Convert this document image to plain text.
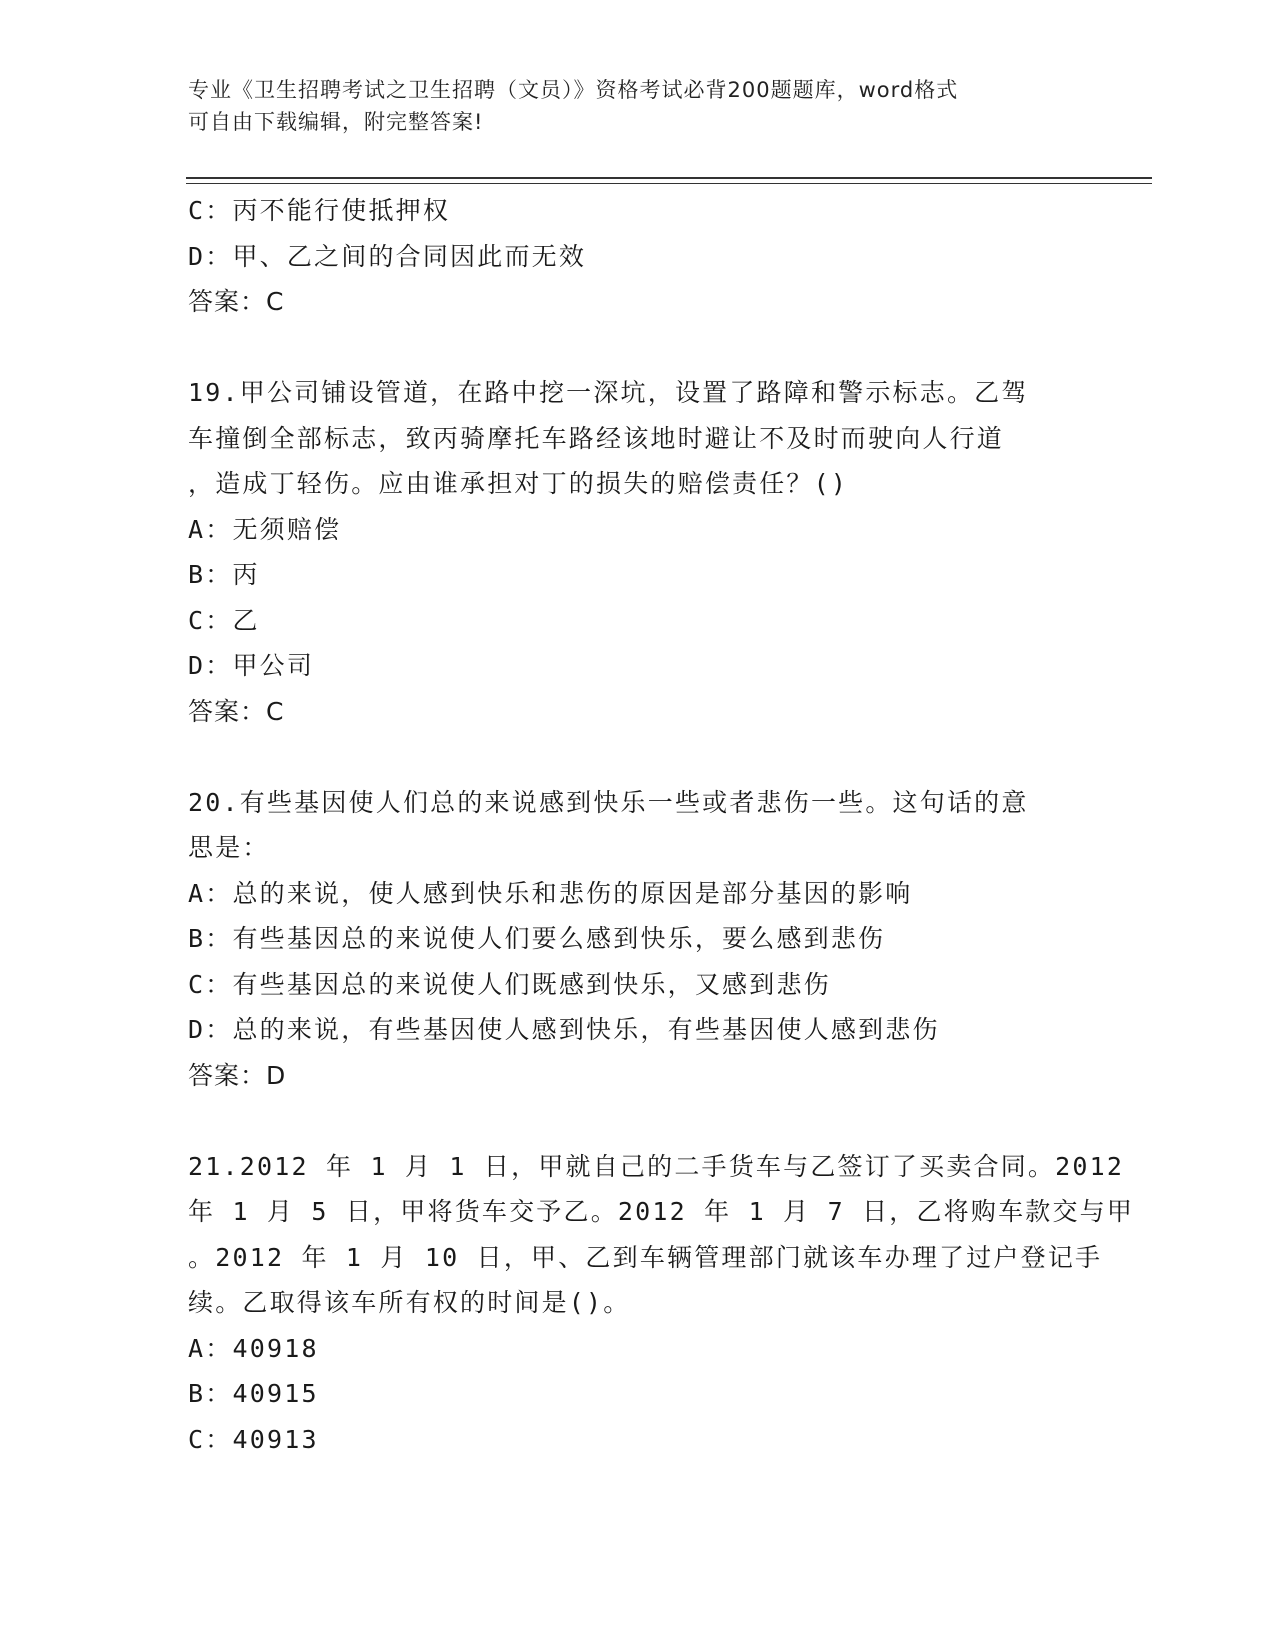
专业《卫生招聘考试之卫生招聘（文员）》资格考试必背200题题库，word格式
可自由下载编辑，附完整答案!
C：丙不能行使抵押权
D：甲、乙之间的合同因此而无效
答案：C
19.甲公司铺设管道，在路中挖一深坑，设置了路障和警示标志。乙驾
车撞倒全部标志，致丙骑摩托车路经该地时避让不及时而驶向人行道
，造成丁轻伤。应由谁承担对丁的损失的赔偿责任？()
A：无须赔偿
B：丙
C：乙
D：甲公司
答案：C
20.有些基因使人们总的来说感到快乐一些或者悲伤一些。这句话的意
思是：
A：总的来说，使人感到快乐和悲伤的原因是部分基因的影响
B：有些基因总的来说使人们要么感到快乐，要么感到悲伤
C：有些基因总的来说使人们既感到快乐，又感到悲伤
D：总的来说，有些基因使人感到快乐，有些基因使人感到悲伤
答案：D
21.2012 年 1 月 1 日，甲就自己的二手货车与乙签订了买卖合同。2012
年 1 月 5 日，甲将货车交予乙。2012 年 1 月 7 日，乙将购车款交与甲
。2012 年 1 月 10 日，甲、乙到车辆管理部门就该车办理了过户登记手
续。乙取得该车所有权的时间是()。
A：40918
B：40915
C：40913
